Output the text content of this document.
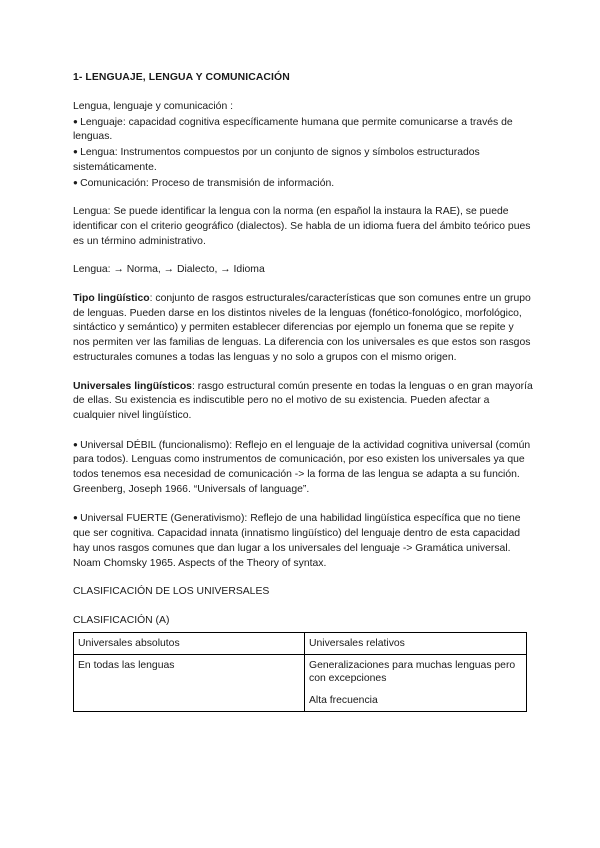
1- LENGUAJE, LENGUA Y COMUNICACIÓN

Lengua, lenguaje y comunicación :

● Lenguaje: capacidad cognitiva específicamente humana que permite comunicarse a través de lenguas.

● Lengua: Instrumentos compuestos por un conjunto de signos y símbolos estructurados sistemáticamente.

● Comunicación: Proceso de transmisión de información.

Lengua: Se puede identificar la lengua con la norma (en español la instaura la RAE), se puede identificar con el criterio geográfico (dialectos). Se habla de un idioma fuera del ámbito teórico pues es un término administrativo.

Lengua: → Norma, → Dialecto, → Idioma

Tipo lingüístico: conjunto de rasgos estructurales/características que son comunes entre un grupo de lenguas. Pueden darse en los distintos niveles de la lenguas (fonético-fonológico, morfológico, sintáctico y semántico) y permiten establecer diferencias por ejemplo un fonema que se repite y nos permiten ver las familias de lenguas. La diferencia con los universales es que estos son rasgos estructurales comunes a todas las lenguas y no solo a grupos con el mismo origen.

Universales lingüísticos: rasgo estructural común presente en todas la lenguas o en gran mayoría de ellas. Su existencia es indiscutible pero no el motivo de su existencia. Pueden afectar a cualquier nivel lingüístico.

● Universal DÉBIL (funcionalismo): Reflejo en el lenguaje de la actividad cognitiva universal (común para todos). Lenguas como instrumentos de comunicación, por eso existen los universales ya que todos tenemos esa necesidad de comunicación -> la forma de las lengua se adapta a su función. Greenberg, Joseph 1966. “Universals of language”.

● Universal FUERTE (Generativismo): Reflejo de una habilidad lingüística específica que no tiene que ser cognitiva. Capacidad innata (innatismo lingüístico) del lenguaje dentro de esta capacidad hay unos rasgos comunes que dan lugar a los universales del lenguaje -> Gramática universal. Noam Chomsky 1965. Aspects of the Theory of syntax.

CLASIFICACIÓN DE LOS UNIVERSALES

CLASIFICACIÓN (A)

Universales absolutos	Universales relativos
En todas las lenguas	Generalizaciones para muchas lenguas pero con excepciones
Alta frecuencia
